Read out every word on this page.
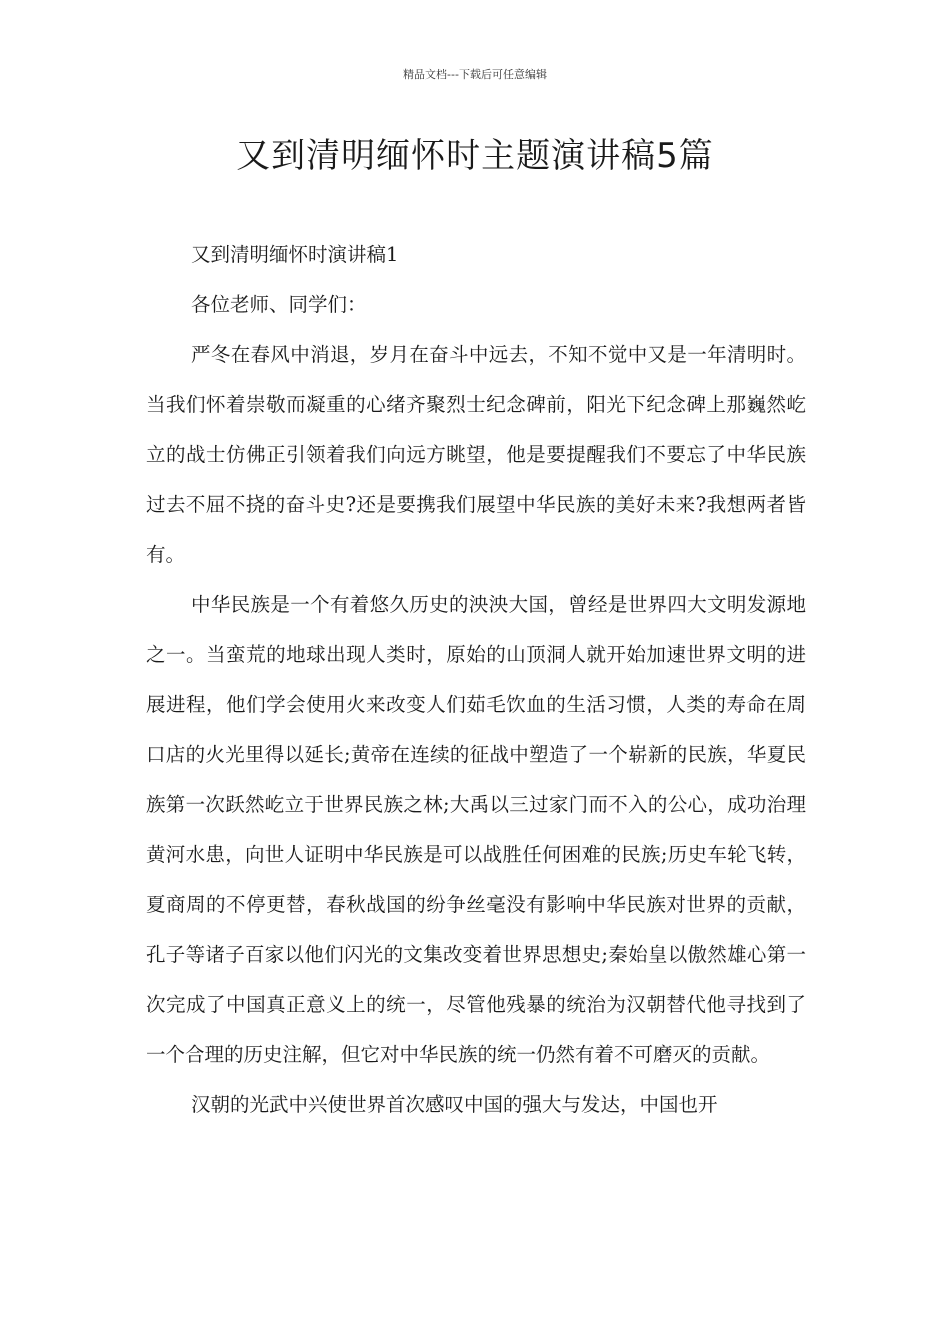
精品文档---下载后可任意编辑
又到清明缅怀时主题演讲稿5篇

又到清明缅怀时演讲稿1

各位老师、同学们：

严冬在春风中消退，岁月在奋斗中远去，不知不觉中又是一年清明时。当我们怀着崇敬而凝重的心绪齐聚烈士纪念碑前，阳光下纪念碑上那巍然屹立的战士仿佛正引领着我们向远方眺望，他是要提醒我们不要忘了中华民族过去不屈不挠的奋斗史?还是要携我们展望中华民族的美好未来?我想两者皆有。

中华民族是一个有着悠久历史的泱泱大国，曾经是世界四大文明发源地之一。当蛮荒的地球出现人类时，原始的山顶洞人就开始加速世界文明的进展进程，他们学会使用火来改变人们茹毛饮血的生活习惯，人类的寿命在周口店的火光里得以延长;黄帝在连续的征战中塑造了一个崭新的民族，华夏民族第一次跃然屹立于世界民族之林;大禹以三过家门而不入的公心，成功治理黄河水患，向世人证明中华民族是可以战胜任何困难的民族;历史车轮飞转，夏商周的不停更替，春秋战国的纷争丝毫没有影响中华民族对世界的贡献，孔子等诸子百家以他们闪光的文集改变着世界思想史;秦始皇以傲然雄心第一次完成了中国真正意义上的统一，尽管他残暴的统治为汉朝替代他寻找到了一个合理的历史注解，但它对中华民族的统一仍然有着不可磨灭的贡献。

汉朝的光武中兴使世界首次感叹中国的强大与发达，中国也开
